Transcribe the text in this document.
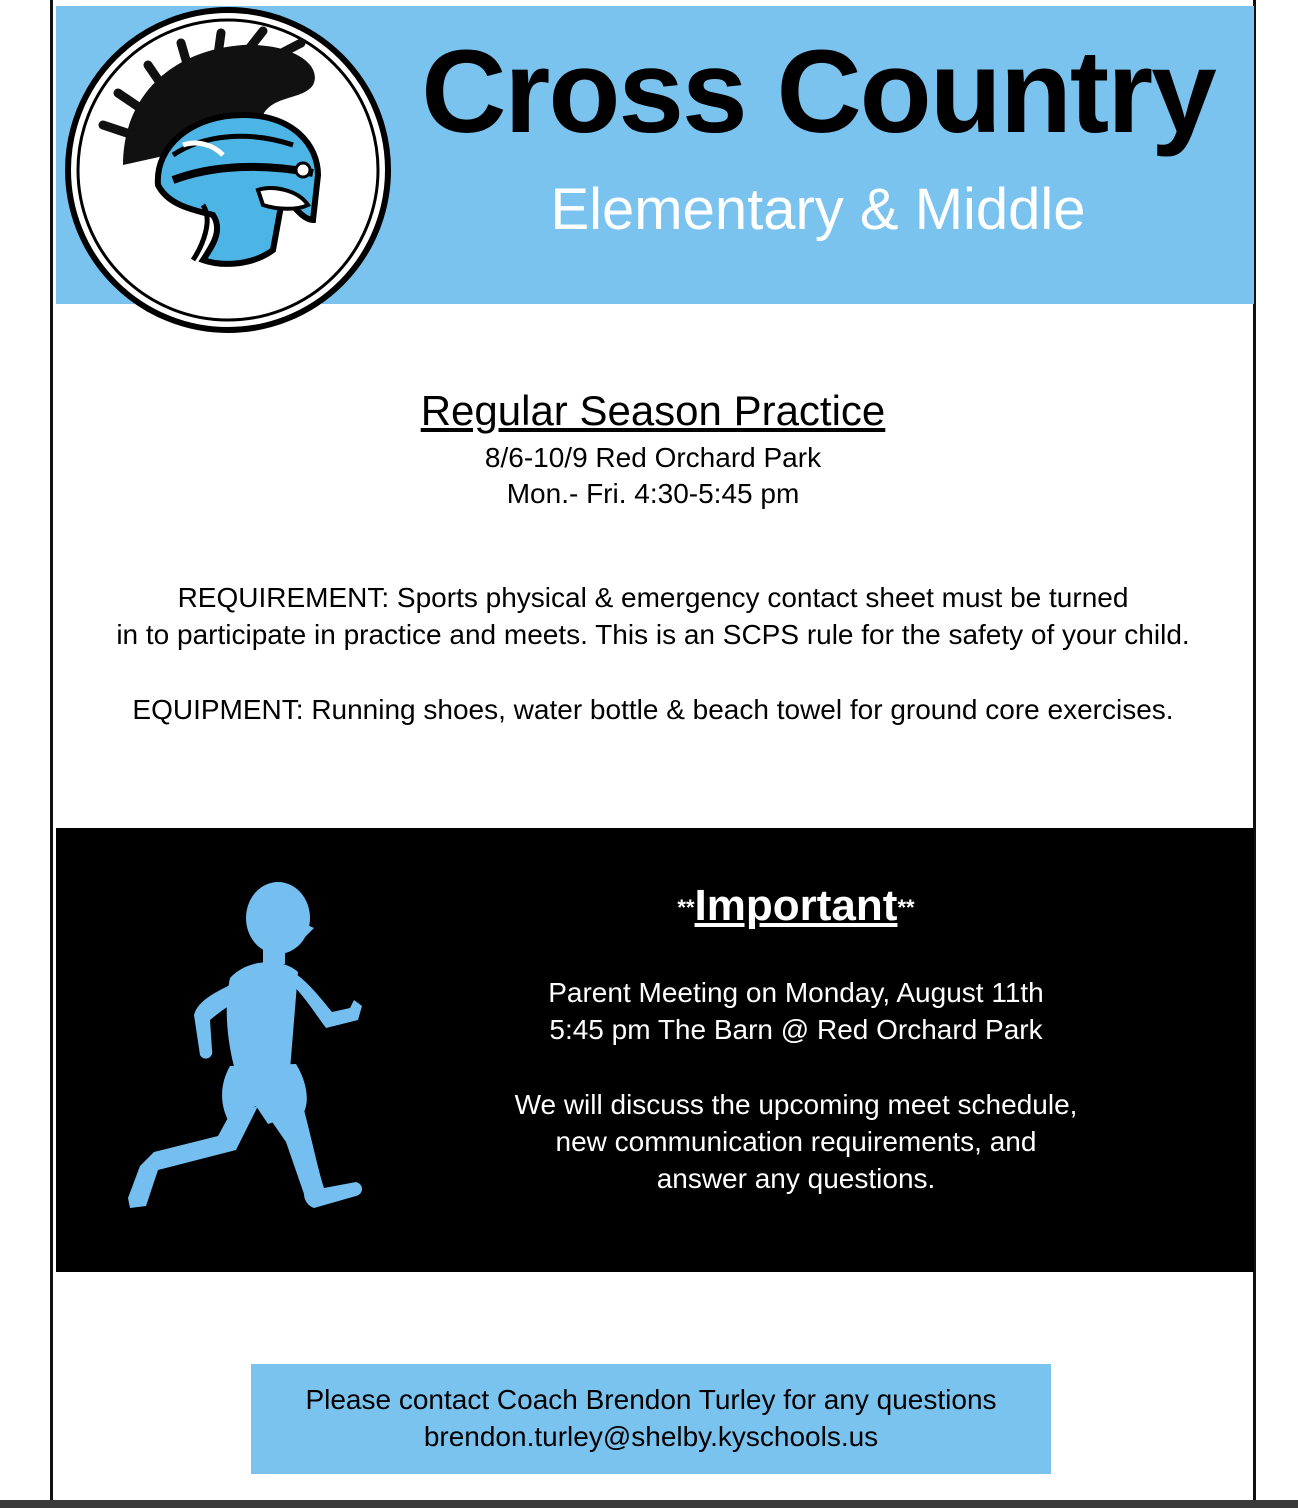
Cross Country
Elementary & Middle
Regular Season Practice
8/6-10/9 Red Orchard Park
Mon.- Fri. 4:30-5:45 pm
REQUIREMENT: Sports physical & emergency contact sheet must be turned
in to participate in practice and meets. This is an SCPS rule for the safety of your child.
EQUIPMENT: Running shoes, water bottle & beach towel for ground core exercises.
**Important**
Parent Meeting on Monday, August 11th
5:45 pm The Barn @ Red Orchard Park
We will discuss the upcoming meet schedule,
new communication requirements, and
answer any questions.
Please contact Coach Brendon Turley for any questions
brendon.turley@shelby.kyschools.us
